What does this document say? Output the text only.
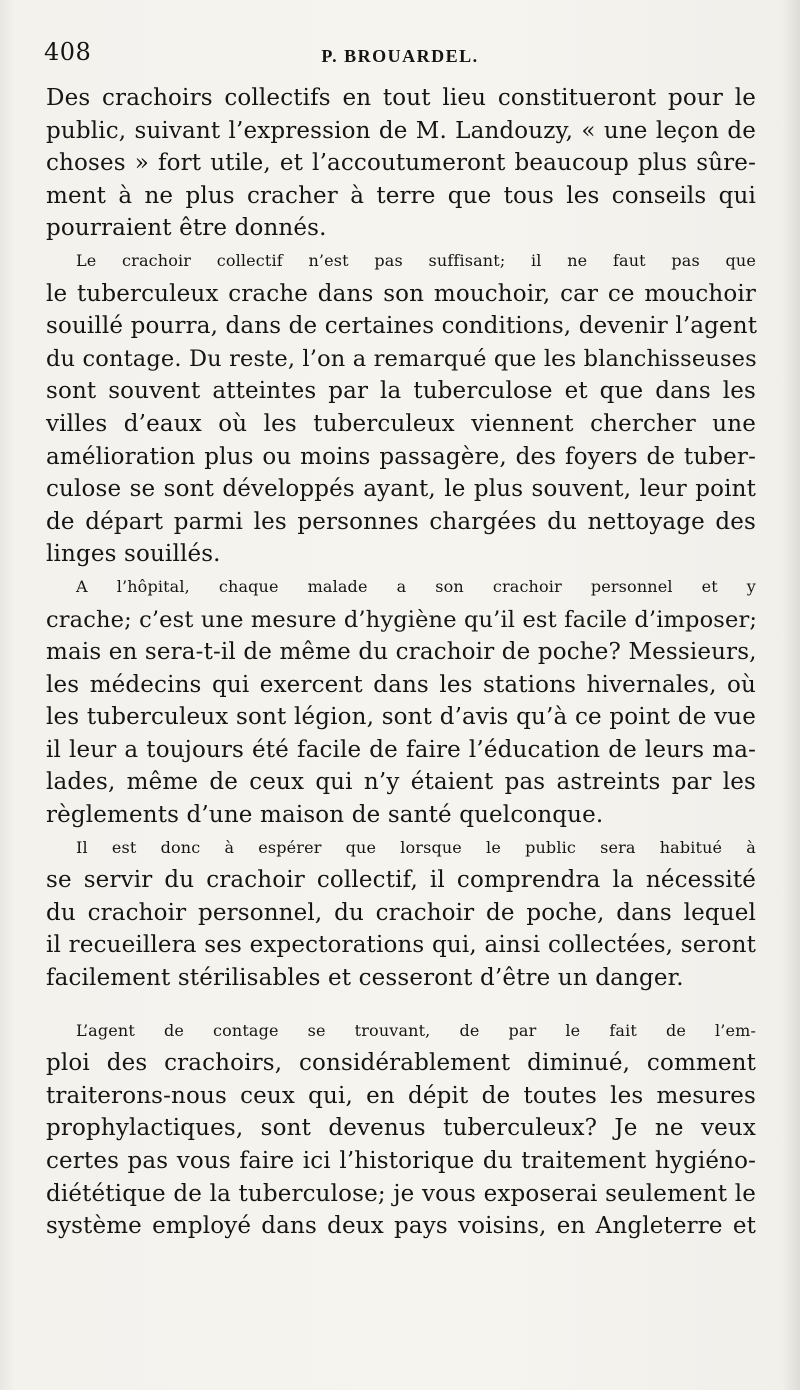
408	P. BROUARDEL.
Des crachoirs collectifs en tout lieu constitueront pour le
public, suivant l’expression de M. Landouzy, « une leçon de
choses » fort utile, et l’accoutumeront beaucoup plus sûre-
ment à ne plus cracher à terre que tous les conseils qui
pourraient être donnés.
Le crachoir collectif n’est pas suffisant; il ne faut pas que
le tuberculeux crache dans son mouchoir, car ce mouchoir
souillé pourra, dans de certaines conditions, devenir l’agent
du contage. Du reste, l’on a remarqué que les blanchisseuses
sont souvent atteintes par la tuberculose et que dans les
villes d’eaux où les tuberculeux viennent chercher une
amélioration plus ou moins passagère, des foyers de tuber-
culose se sont développés ayant, le plus souvent, leur point
de départ parmi les personnes chargées du nettoyage des
linges souillés.
A l’hôpital, chaque malade a son crachoir personnel et y
crache; c’est une mesure d’hygiène qu’il est facile d’imposer;
mais en sera-t-il de même du crachoir de poche? Messieurs,
les médecins qui exercent dans les stations hivernales, où
les tuberculeux sont légion, sont d’avis qu’à ce point de vue
il leur a toujours été facile de faire l’éducation de leurs ma-
lades, même de ceux qui n’y étaient pas astreints par les
règlements d’une maison de santé quelconque.
Il est donc à espérer que lorsque le public sera habitué à
se servir du crachoir collectif, il comprendra la nécessité
du crachoir personnel, du crachoir de poche, dans lequel
il recueillera ses expectorations qui, ainsi collectées, seront
facilement stérilisables et cesseront d’être un danger.
L’agent de contage se trouvant, de par le fait de l’em-
ploi des crachoirs, considérablement diminué, comment
traiterons-nous ceux qui, en dépit de toutes les mesures
prophylactiques, sont devenus tuberculeux? Je ne veux
certes pas vous faire ici l’historique du traitement hygiéno-
diététique de la tuberculose; je vous exposerai seulement le
système employé dans deux pays voisins, en Angleterre et
